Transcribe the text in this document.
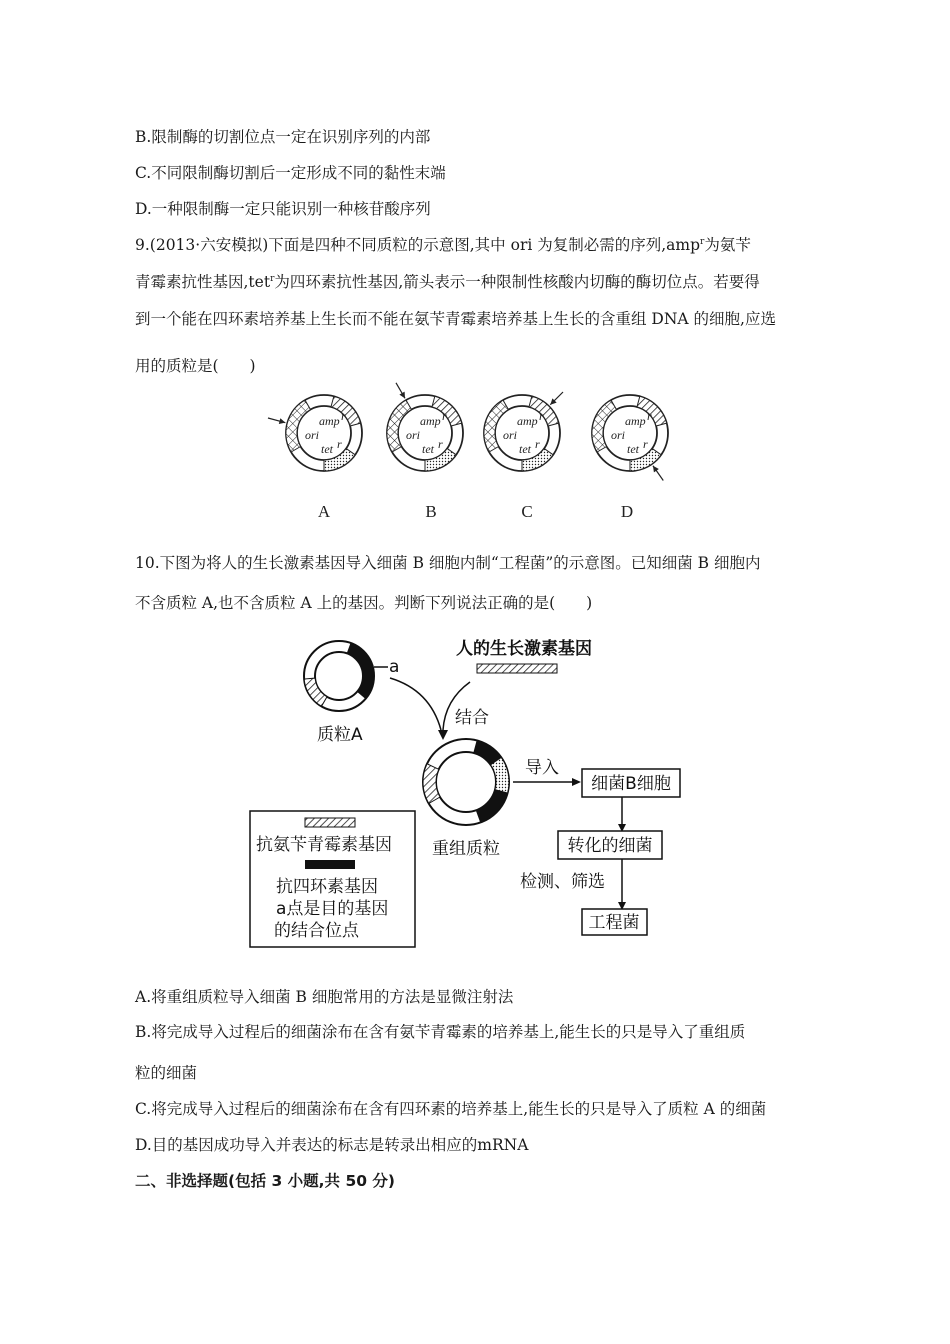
B.限制酶的切割位点一定在识别序列的内部
C.不同限制酶切割后一定形成不同的黏性末端
D.一种限制酶一定只能识别一种核苷酸序列
9.(2013·六安模拟)下面是四种不同质粒的示意图,其中 ori 为复制必需的序列,amp$^r$为氨苄
青霉素抗性基因,tet$^r$为四环素抗性基因,箭头表示一种限制性核酸内切酶的酶切位点。若要得
到一个能在四环素培养基上生长而不能在氨苄青霉素培养基上生长的含重组 DNA 的细胞,应选
用的质粒是(　　)
amp r
ori
tet r
amp r
ori
tet r
amp r
ori
tet r
amp r
ori
tet r
A	B	C	D
10.下图为将人的生长激素基因导入细菌 B 细胞内制“工程菌”的示意图。已知细菌 B 细胞内
不含质粒 A,也不含质粒 A 上的基因。判断下列说法正确的是(　　)
a
质粒A
人的生长激素基因
结合
重组质粒
导入
细菌B细胞
转化的细菌
检测、筛选
工程菌
抗氨苄青霉素基因
抗四环素基因
a点是目的基因
的结合位点
A.将重组质粒导入细菌 B 细胞常用的方法是显微注射法
B.将完成导入过程后的细菌涂布在含有氨苄青霉素的培养基上,能生长的只是导入了重组质
粒的细菌
C.将完成导入过程后的细菌涂布在含有四环素的培养基上,能生长的只是导入了质粒 A 的细菌
D.目的基因成功导入并表达的标志是转录出相应的mRNA
二、非选择题(包括 3 小题,共 50 分)
